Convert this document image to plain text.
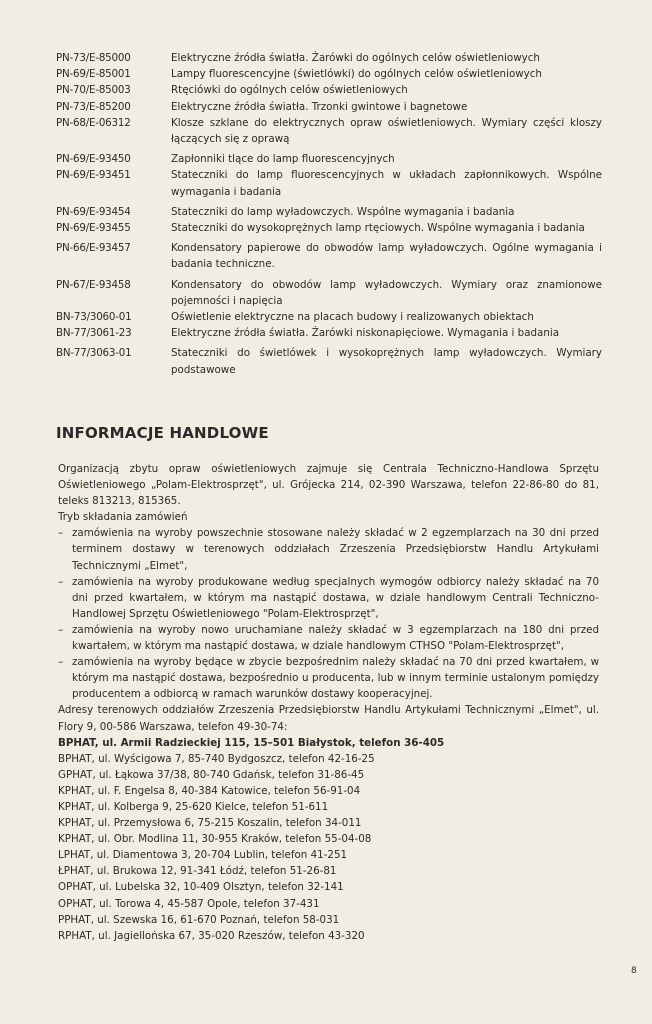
PN-73/E-85000	Elektryczne źródła światła. Żarówki do ogólnych celów oświetleniowych
PN-69/E-85001	Lampy fluorescencyjne (świetlówki) do ogólnych celów oświetleniowych
PN-70/E-85003	Rtęciówki do ogólnych celów oświetleniowych
PN-73/E-85200	Elektryczne źródła światła. Trzonki gwintowe i bagnetowe
PN-68/E-06312	Klosze szklane do elektrycznych opraw oświetleniowych. Wymiary części kloszy łączących się z oprawą
PN-69/E-93450	Zapłonniki tlące do lamp fluorescencyjnych
PN-69/E-93451	Stateczniki do lamp fluorescencyjnych w układach zapłonnikowych. Wspólne wymagania i badania
PN-69/E-93454	Stateczniki do lamp wyładowczych. Wspólne wymagania i badania
PN-69/E-93455	Stateczniki do wysokoprężnych lamp rtęciowych. Wspólne wymagania i badania
PN-66/E-93457	Kondensatory papierowe do obwodów lamp wyładowczych. Ogólne wymagania i badania techniczne.
PN-67/E-93458	Kondensatory do obwodów lamp wyładowczych. Wymiary oraz znamionowe pojemności i napięcia
BN-73/3060-01	Oświetlenie elektryczne na placach budowy i realizowanych obiektach
BN-77/3061-23	Elektryczne źródła światła. Żarówki niskonapięciowe. Wymagania i badania
BN-77/3063-01	Stateczniki do świetlówek i wysokoprężnych lamp wyładowczych. Wymiary podstawowe
INFORMACJE HANDLOWE

Organizacją zbytu opraw oświetleniowych zajmuje się Centrala Techniczno-Handlowa Sprzętu Oświetleniowego „Polam-Elektrosprzęt", ul. Grójecka 214, 02-390 Warszawa, telefon 22-86-80 do 81, teleks 813213, 815365.

Tryb składania zamówień

– zamówienia na wyroby powszechnie stosowane należy składać w 2 egzemplarzach na 30 dni przed terminem dostawy w terenowych oddziałach Zrzeszenia Przedsiębiorstw Handlu Artykułami Technicznymi „Elmet",
– zamówienia na wyroby produkowane według specjalnych wymogów odbiorcy należy składać na 70 dni przed kwartałem, w którym ma nastąpić dostawa, w dziale handlowym Centrali Techniczno-Handlowej Sprzętu Oświetleniowego "Polam-Elektrosprzęt",
– zamówienia na wyroby nowo uruchamiane należy składać w 3 egzemplarzach na 180 dni przed kwartałem, w którym ma nastąpić dostawa, w dziale handlowym CTHSO "Polam-Elektrosprzęt",
– zamówienia na wyroby będące w zbycie bezpośrednim należy składać na 70 dni przed kwartałem, w którym ma nastąpić dostawa, bezpośrednio u producenta, lub w innym terminie ustalonym pomiędzy producentem a odbiorcą w ramach warunków dostawy kooperacyjnej.

Adresy terenowych oddziałów Zrzeszenia Przedsiębiorstw Handlu Artykułami Technicznymi „Elmet", ul. Flory 9, 00-586 Warszawa, telefon 49-30-74:

BPHAT, ul. Armii Radzieckiej 115, 15–501 Białystok, telefon 36-405

BPHAT, ul. Wyścigowa 7, 85-740 Bydgoszcz, telefon 42-16-25

GPHAT, ul. Łąkowa 37/38, 80-740 Gdańsk, telefon 31-86-45

KPHAT, ul. F. Engelsa 8, 40-384 Katowice, telefon 56-91-04

KPHAT, ul. Kolberga 9, 25-620 Kielce, telefon 51-611

KPHAT, ul. Przemysłowa 6, 75-215 Koszalin, telefon 34-011

KPHAT, ul. Obr. Modlina 11, 30-955 Kraków, telefon 55-04-08

LPHAT, ul. Diamentowa 3, 20-704 Lublin, telefon 41-251

ŁPHAT, ul. Brukowa 12, 91-341 Łódź, telefon 51-26-81

OPHAT, ul. Lubelska 32, 10-409 Olsztyn, telefon 32-141

OPHAT, ul. Torowa 4, 45-587 Opole, telefon 37-431

PPHAT, ul. Szewska 16, 61-670 Poznań, telefon 58-031

RPHAT, ul. Jagiellońska 67, 35-020 Rzeszów, telefon 43-320

8
